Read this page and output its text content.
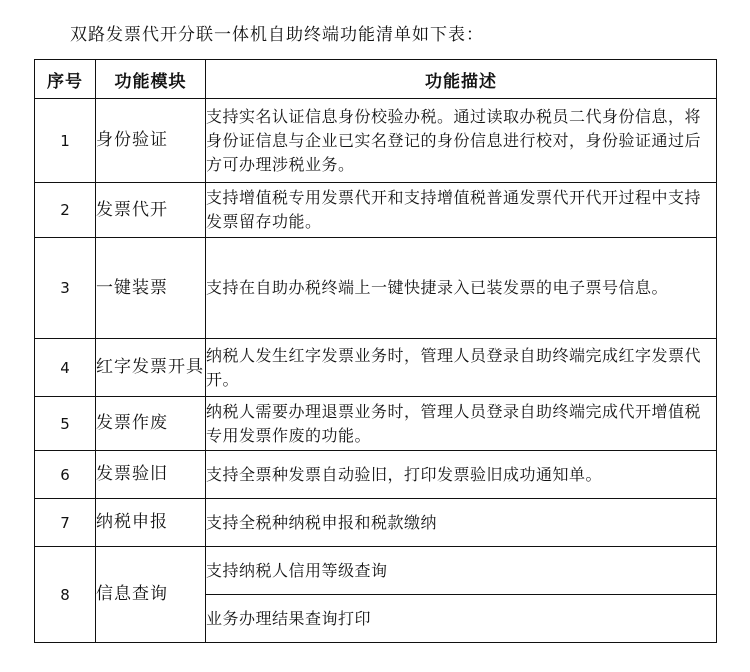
双路发票代开分联一体机自助终端功能清单如下表：
序号	功能模块	功能描述
1	身份验证	支持实名认证信息身份校验办税。通过读取办税员二代身份信息，将身份证信息与企业已实名登记的身份信息进行校对，身份验证通过后方可办理涉税业务。

2	发票代开	支持增值税专用发票代开和支持增值税普通发票代开代开过程中支持发票留存功能。

3	一键装票	支持在自助办税终端上一键快捷录入已装发票的电子票号信息。

4	红字发票开具	纳税人发生红字发票业务时，管理人员登录自助终端完成红字发票代开。

5	发票作废	纳税人需要办理退票业务时，管理人员登录自助终端完成代开增值税专用发票作废的功能。

6	发票验旧	支持全票种发票自动验旧，打印发票验旧成功通知单。

7	纳税申报	支持全税种纳税申报和税款缴纳

8	信息查询	支持纳税人信用等级查询

		业务办理结果查询打印
